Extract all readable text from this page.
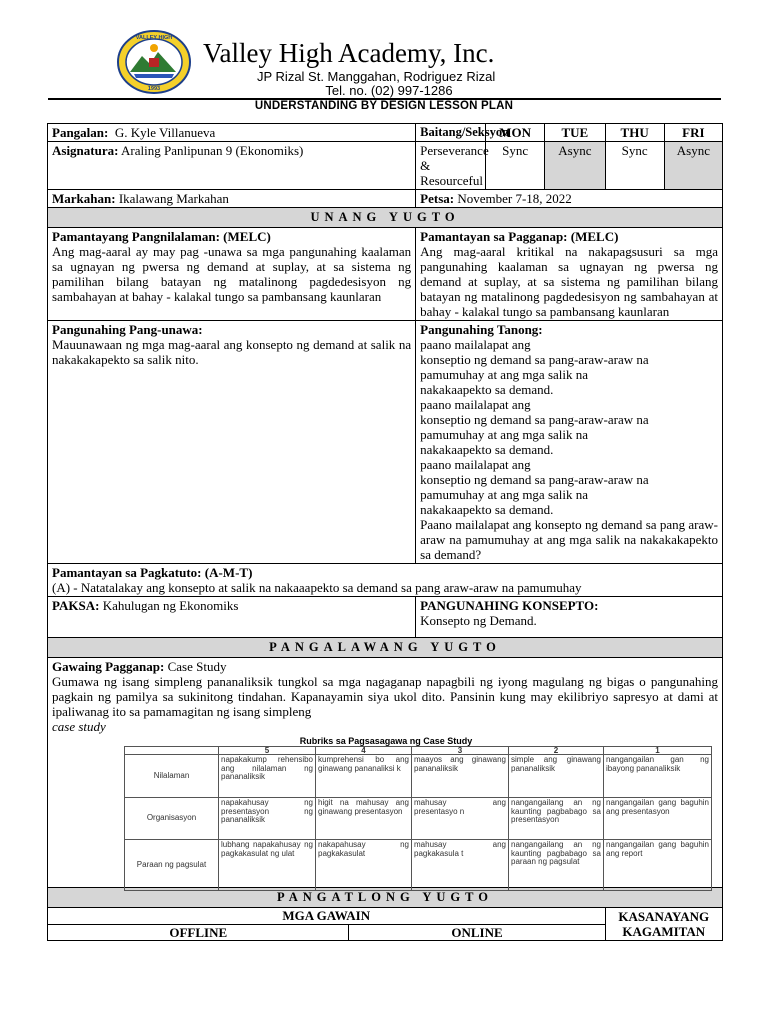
VALLEY HIGH
1993
Valley High Academy, Inc.
JP Rizal St. Manggahan, Rodriguez Rizal
Tel. no. (02) 997-1286
UNDERSTANDING BY DESIGN LESSON PLAN
Pangalan: G. Kyle Villanueva	Baitang/Seksyon	MON	TUE	THU	FRI
Asignatura: Araling Panlipunan 9 (Ekonomiks)	Perseverance & Resourceful	Sync	Async	Sync	Async
Markahan: Ikalawang Markahan	Petsa: November 7-18, 2022
UNANG YUGTO

Pamantayang Pangnilalaman: (MELC)
Ang mag-aaral ay may pag -unawa sa mga pangunahing kaalaman sa ugnayan ng pwersa ng demand at suplay, at sa sistema ng pamilihan bilang batayan ng matalinong pagdedesisyon ng sambahayan at bahay - kalakal tungo sa pambansang kaunlaran

Pamantayan sa Pagganap: (MELC)
Ang mag-aaral kritikal na nakapagsusuri sa mga pangunahing kaalaman sa ugnayan ng pwersa ng demand at suplay, at sa sistema ng pamilihan bilang batayan ng matalinong pagdedesisyon ng sambahayan at bahay - kalakal tungo sa pambansang kaunlaran

Pangunahing Pang-unawa:
Mauunawaan ng mga mag-aaral ang konsepto ng demand at salik na nakakakapekto sa salik nito.

Pangunahing Tanong:
paano mailalapat ang
konseptio ng demand sa pang-araw-araw na
pamumuhay at ang mga salik na
nakakaapekto sa demand.
paano mailalapat ang
konseptio ng demand sa pang-araw-araw na
pamumuhay at ang mga salik na
nakakaapekto sa demand.
paano mailalapat ang
konseptio ng demand sa pang-araw-araw na
pamumuhay at ang mga salik na
nakakaapekto sa demand.
Paano mailalapat ang konsepto ng demand sa pang araw-araw na pamumuhay at ang mga salik na nakakakapekto sa demand?

Pamantayan sa Pagkatuto: (A-M-T)
(A) - Natatalakay ang konsepto at salik na nakaaapekto sa demand sa pang araw-araw na pamumuhay

PAKSA: Kahulugan ng Ekonomiks	PANGUNAHING KONSEPTO:
Konsepto ng Demand.

PANGALAWANG YUGTO

Gawaing Pagganap: Case Study
Gumawa ng isang simpleng pananaliksik tungkol sa mga nagaganap napagbili ng iyong magulang ng bigas o pangunahing pagkain ng pamilya sa sukinitong tindahan. Kapanayamin siya ukol dito. Pansinin kung may ekilibriyo sapresyo at dami at ipaliwanag ito sa pamamagitan ng isang simpleng
case study
Rubriks sa Pagsasagawa ng Case Study
	5	4	3	2	1
Nilalaman	napakakump rehensibo ang nilalaman ng pananaliksik	kumprehensi bo ang ginawang pananaliksi k	maayos ang ginawang pananaliksik	simple ang ginawang pananaliksik	nangangailan gan ng ibayong pananaliksik
Organisasyon	napakahusay ng presentasyon ng pananaliksik	higit na mahusay ang ginawang presentasyon	mahusay ang presentasyo n	nangangailang an ng kaunting pagbabago sa presentasyon	nangangailan gang baguhin ang presentasyon
Paraan ng pagsulat	lubhang napakahusay ng pagkakasulat ng ulat	nakapahusay ng pagkakasulat	mahusay ang pagkakasula t	nangangailang an ng kaunting pagbabago sa paraan ng pagsulat	nangangailan gang baguhin ang report

PANGATLONG YUGTO
MGA GAWAIN	KASANAYANG KAGAMITAN
OFFLINE	ONLINE
